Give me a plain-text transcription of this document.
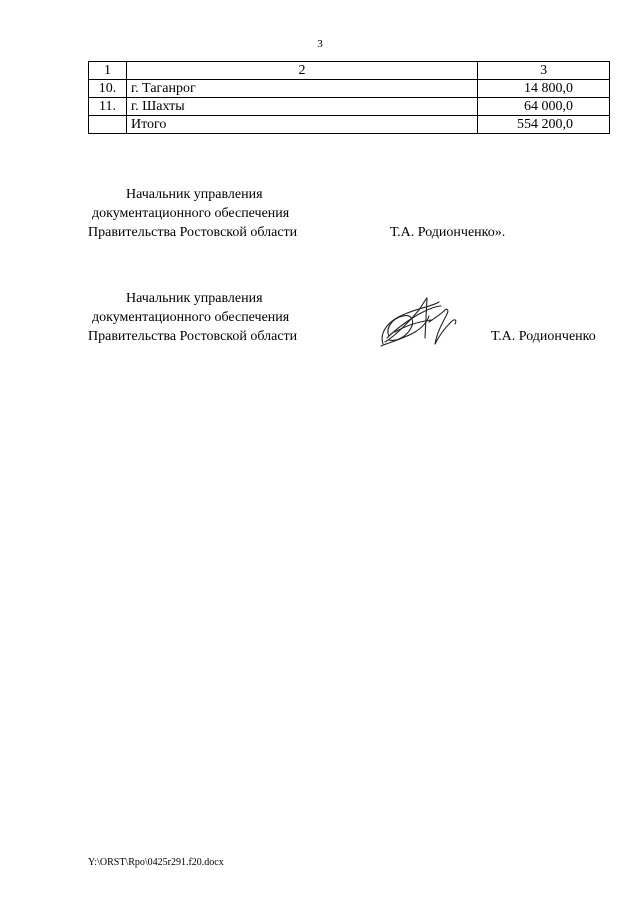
3
1	2	3
10.	г. Таганрог	14 800,0
11.	г. Шахты	64 000,0
	Итого	554 200,0
Начальник управления
документационного обеспечения
Правительства Ростовской области	Т.А. Родионченко».
Начальник управления
документационного обеспечения
Правительства Ростовской области	Т.А. Родионченко
Y:\ORST\Rpo\0425r291.f20.docx
